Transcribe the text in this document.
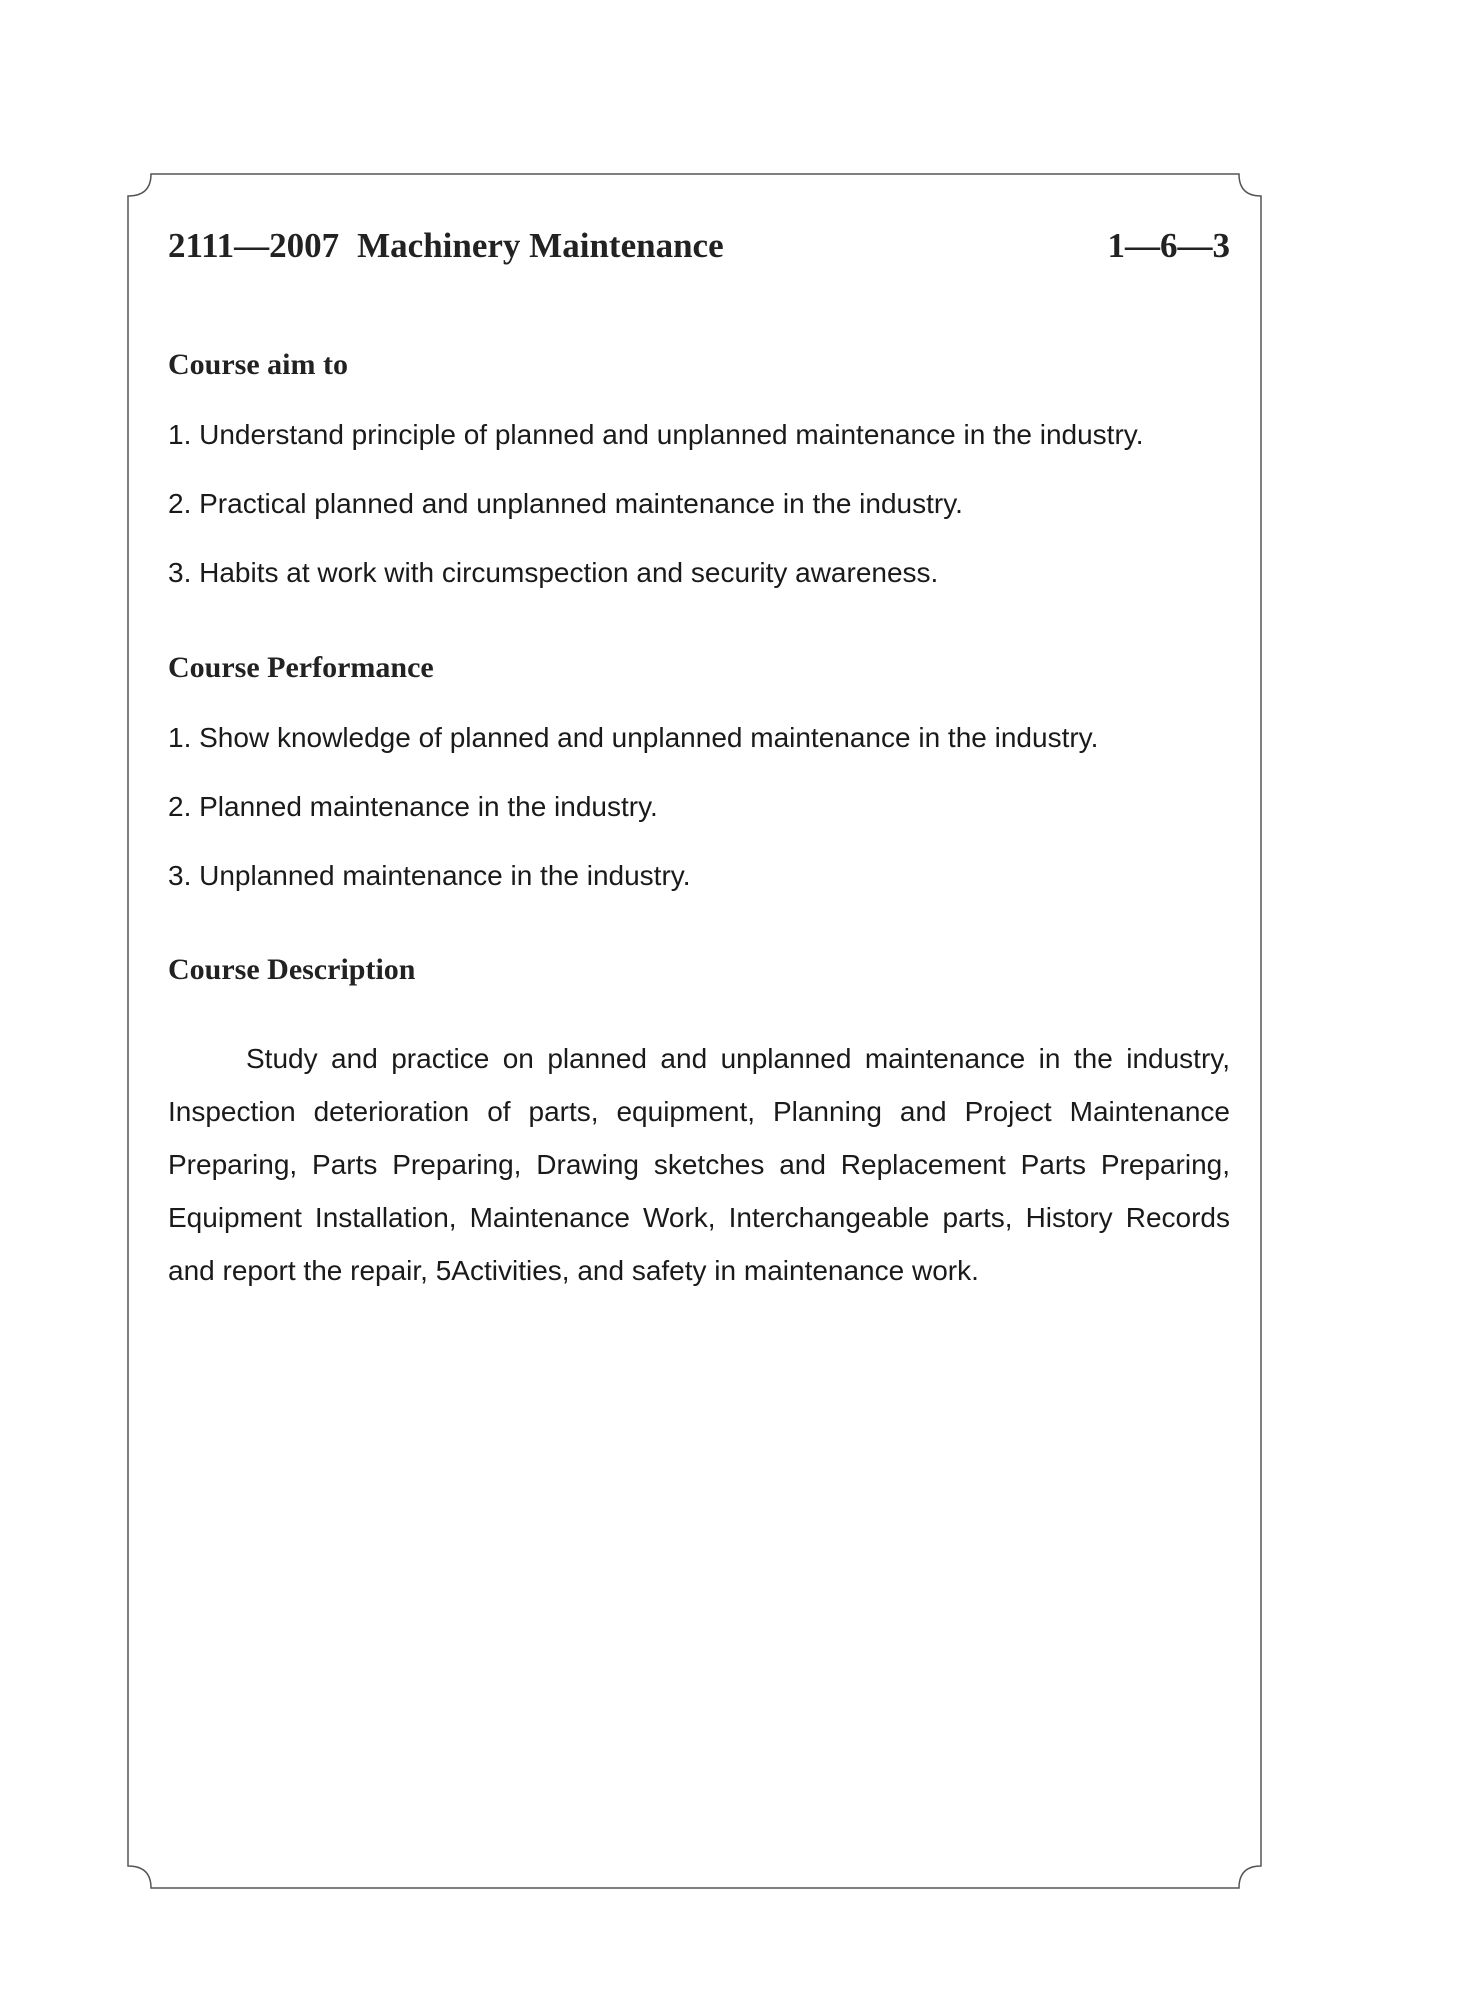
2111—2007 Machinery Maintenance	1—6—3
Course aim to
1. Understand principle of planned and unplanned maintenance in the industry.
2. Practical planned and unplanned maintenance in the industry.
3. Habits at work with circumspection and security awareness.
Course Performance
1. Show knowledge of planned and unplanned maintenance in the industry.
2. Planned maintenance in the industry.
3. Unplanned maintenance in the industry.
Course Description

Study and practice on planned and unplanned maintenance in the industry, Inspection deterioration of parts, equipment, Planning and Project Maintenance Preparing, Parts Preparing, Drawing sketches and Replacement Parts Preparing, Equipment Installation, Maintenance Work, Interchangeable parts, History Records and report the repair, 5Activities, and safety in maintenance work.
